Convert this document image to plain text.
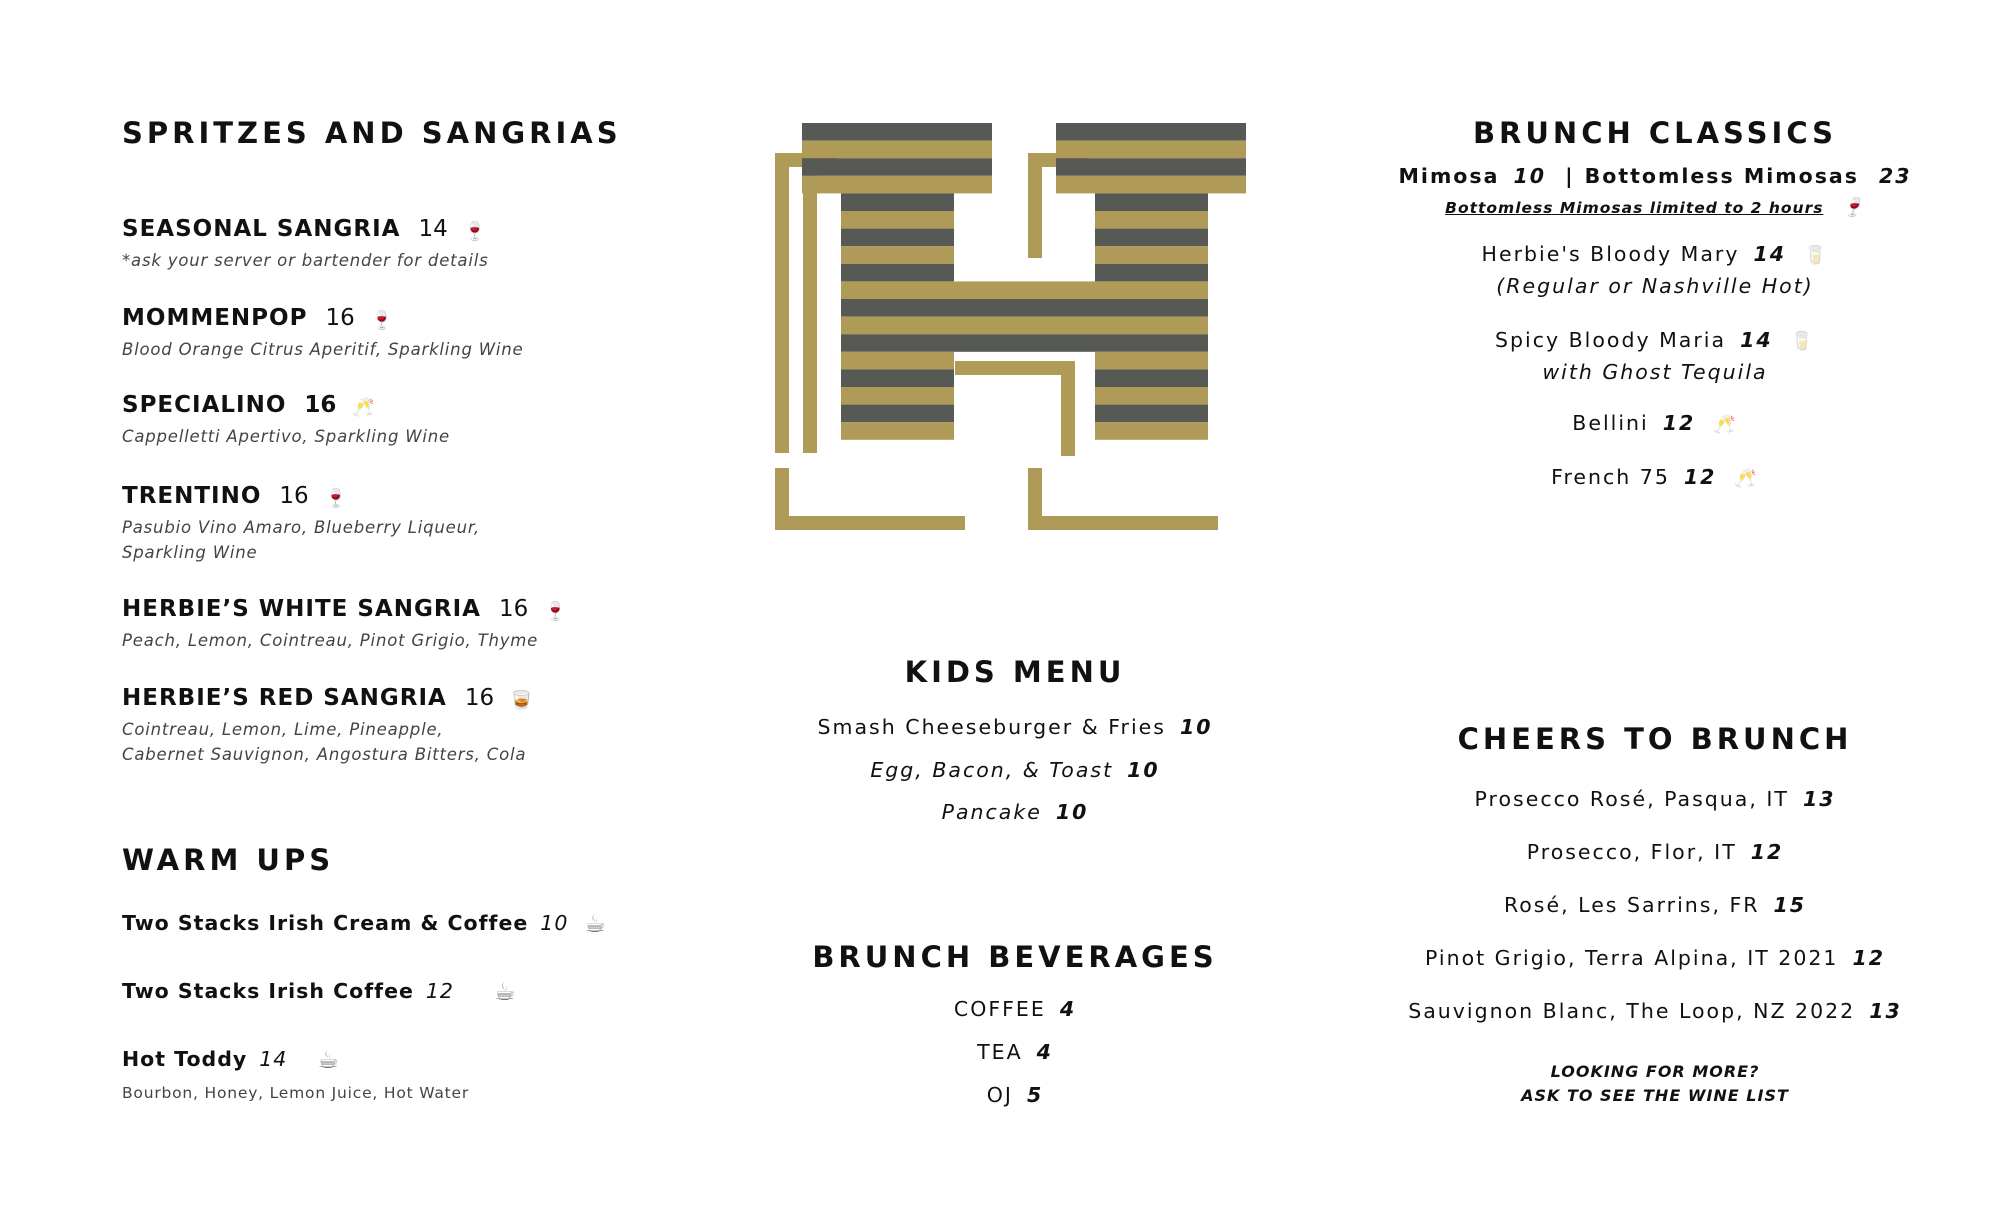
SPRITZES AND SANGRIAS
SEASONAL SANGRIA 14 🍷
*ask your server or bartender for details
MOMMENPOP 16 🍷
Blood Orange Citrus Aperitif, Sparkling Wine
SPECIALINO 16 🥂
Cappelletti Apertivo, Sparkling Wine
TRENTINO 16 🍷
Pasubio Vino Amaro, Blueberry Liqueur,
Sparkling Wine
HERBIE’S WHITE SANGRIA 16 🍷
Peach, Lemon, Cointreau, Pinot Grigio, Thyme
HERBIE’S RED SANGRIA 16 🥃
Cointreau, Lemon, Lime, Pineapple,
Cabernet Sauvignon, Angostura Bitters, Cola
WARM UPS
Two Stacks Irish Cream & Coffee 10 ☕
Two Stacks Irish Coffee 12 ☕
Hot Toddy 14 ☕
Bourbon, Honey, Lemon Juice, Hot Water
KIDS MENU
Smash Cheeseburger & Fries 10
Egg, Bacon, & Toast 10
Pancake 10
BRUNCH BEVERAGES
COFFEE 4
TEA 4
OJ 5
BRUNCH CLASSICS
Mimosa 10 | Bottomless Mimosas 23
Bottomless Mimosas limited to 2 hours 🍷
Herbie's Bloody Mary 14 🥛
(Regular or Nashville Hot)
Spicy Bloody Maria 14 🥛
with Ghost Tequila
Bellini 12 🥂
French 75 12 🥂
CHEERS TO BRUNCH
Prosecco Rosé, Pasqua, IT 13
Prosecco, Flor, IT 12
Rosé, Les Sarrins, FR 15
Pinot Grigio, Terra Alpina, IT 2021 12
Sauvignon Blanc, The Loop, NZ 2022 13
LOOKING FOR MORE?
ASK TO SEE THE WINE LIST
